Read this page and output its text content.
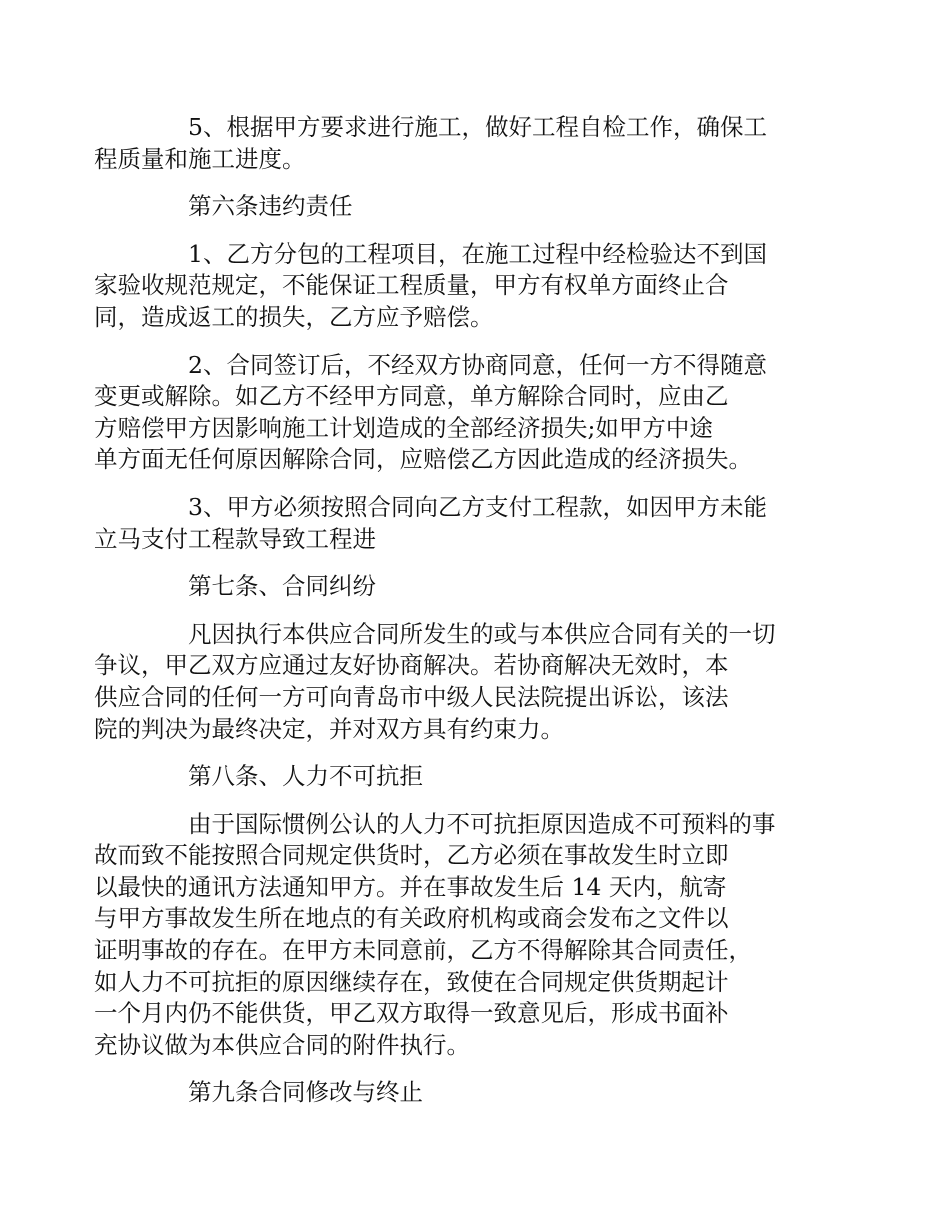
5、根据甲方要求进行施工，做好工程自检工作，确保工
程质量和施工进度。

第六条违约责任

1、乙方分包的工程项目，在施工过程中经检验达不到国
家验收规范规定，不能保证工程质量，甲方有权单方面终止合
同，造成返工的损失，乙方应予赔偿。

2、合同签订后，不经双方协商同意，任何一方不得随意
变更或解除。如乙方不经甲方同意，单方解除合同时，应由乙
方赔偿甲方因影响施工计划造成的全部经济损失;如甲方中途
单方面无任何原因解除合同，应赔偿乙方因此造成的经济损失。

3、甲方必须按照合同向乙方支付工程款，如因甲方未能
立马支付工程款导致工程进

第七条、合同纠纷

凡因执行本供应合同所发生的或与本供应合同有关的一切
争议，甲乙双方应通过友好协商解决。若协商解决无效时，本
供应合同的任何一方可向青岛市中级人民法院提出诉讼，该法
院的判决为最终决定，并对双方具有约束力。

第八条、人力不可抗拒

由于国际惯例公认的人力不可抗拒原因造成不可预料的事
故而致不能按照合同规定供货时，乙方必须在事故发生时立即
以最快的通讯方法通知甲方。并在事故发生后 14 天内，航寄
与甲方事故发生所在地点的有关政府机构或商会发布之文件以
证明事故的存在。在甲方未同意前，乙方不得解除其合同责任，
如人力不可抗拒的原因继续存在，致使在合同规定供货期起计
一个月内仍不能供货，甲乙双方取得一致意见后，形成书面补
充协议做为本供应合同的附件执行。

第九条合同修改与终止
